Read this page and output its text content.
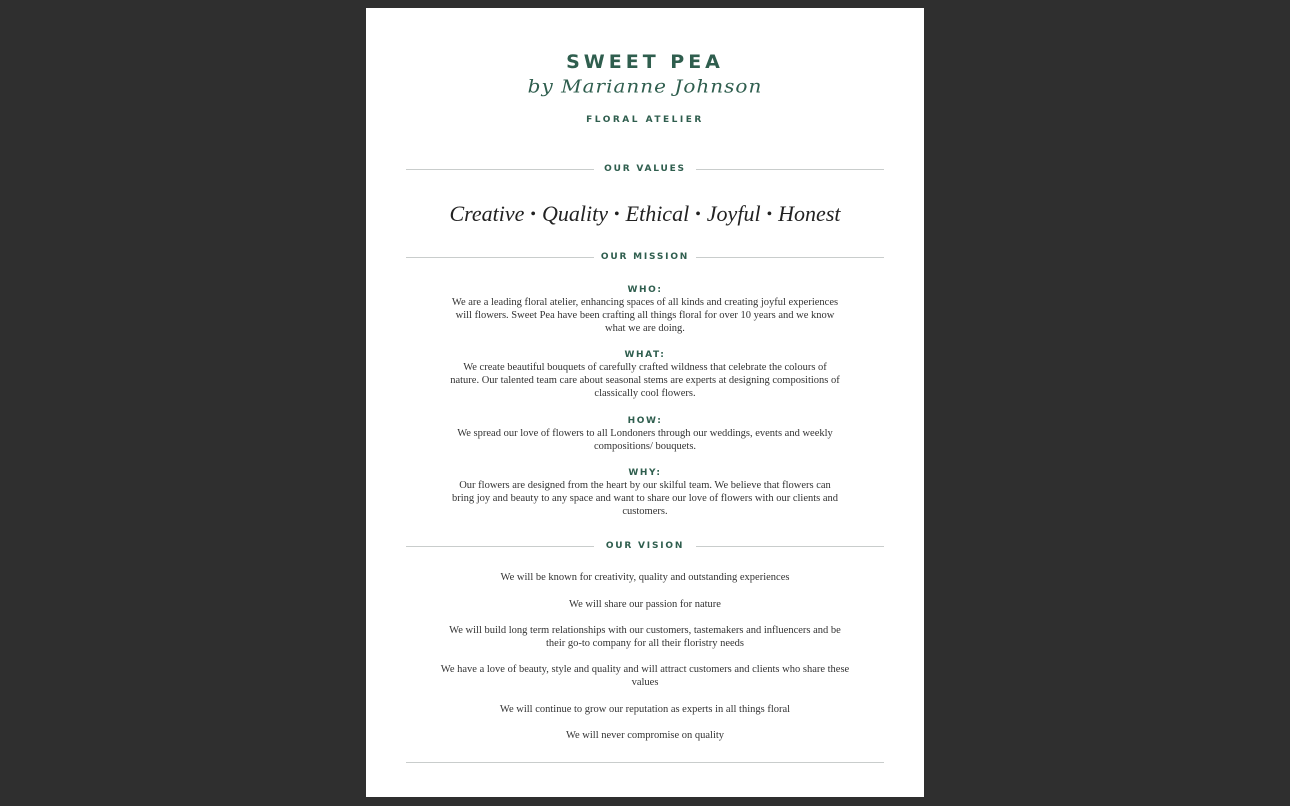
SWEET PEA
by Marianne Johnson
FLORAL ATELIER
OUR VALUES
Creative • Quality • Ethical • Joyful • Honest
OUR MISSION
WHO:
We are a leading floral atelier, enhancing spaces of all kinds and creating joyful experiences will flowers. Sweet Pea have been crafting all things floral for over 10 years and we know what we are doing.
WHAT:
We create beautiful bouquets of carefully crafted wildness that celebrate the colours of nature. Our talented team care about seasonal stems are experts at designing compositions of classically cool flowers.
HOW:
We spread our love of flowers to all Londoners through our weddings, events and weekly compositions/ bouquets.
WHY:
Our flowers are designed from the heart by our skilful team. We believe that flowers can bring joy and beauty to any space and want to share our love of flowers with our clients and customers.
OUR VISION
We will be known for creativity, quality and outstanding experiences
We will share our passion for nature
We will build long term relationships with our customers, tastemakers and influencers and be their go-to company for all their floristry needs
We have a love of beauty, style and quality and will attract customers and clients who share these values
We will continue to grow our reputation as experts in all things floral
We will never compromise on quality
